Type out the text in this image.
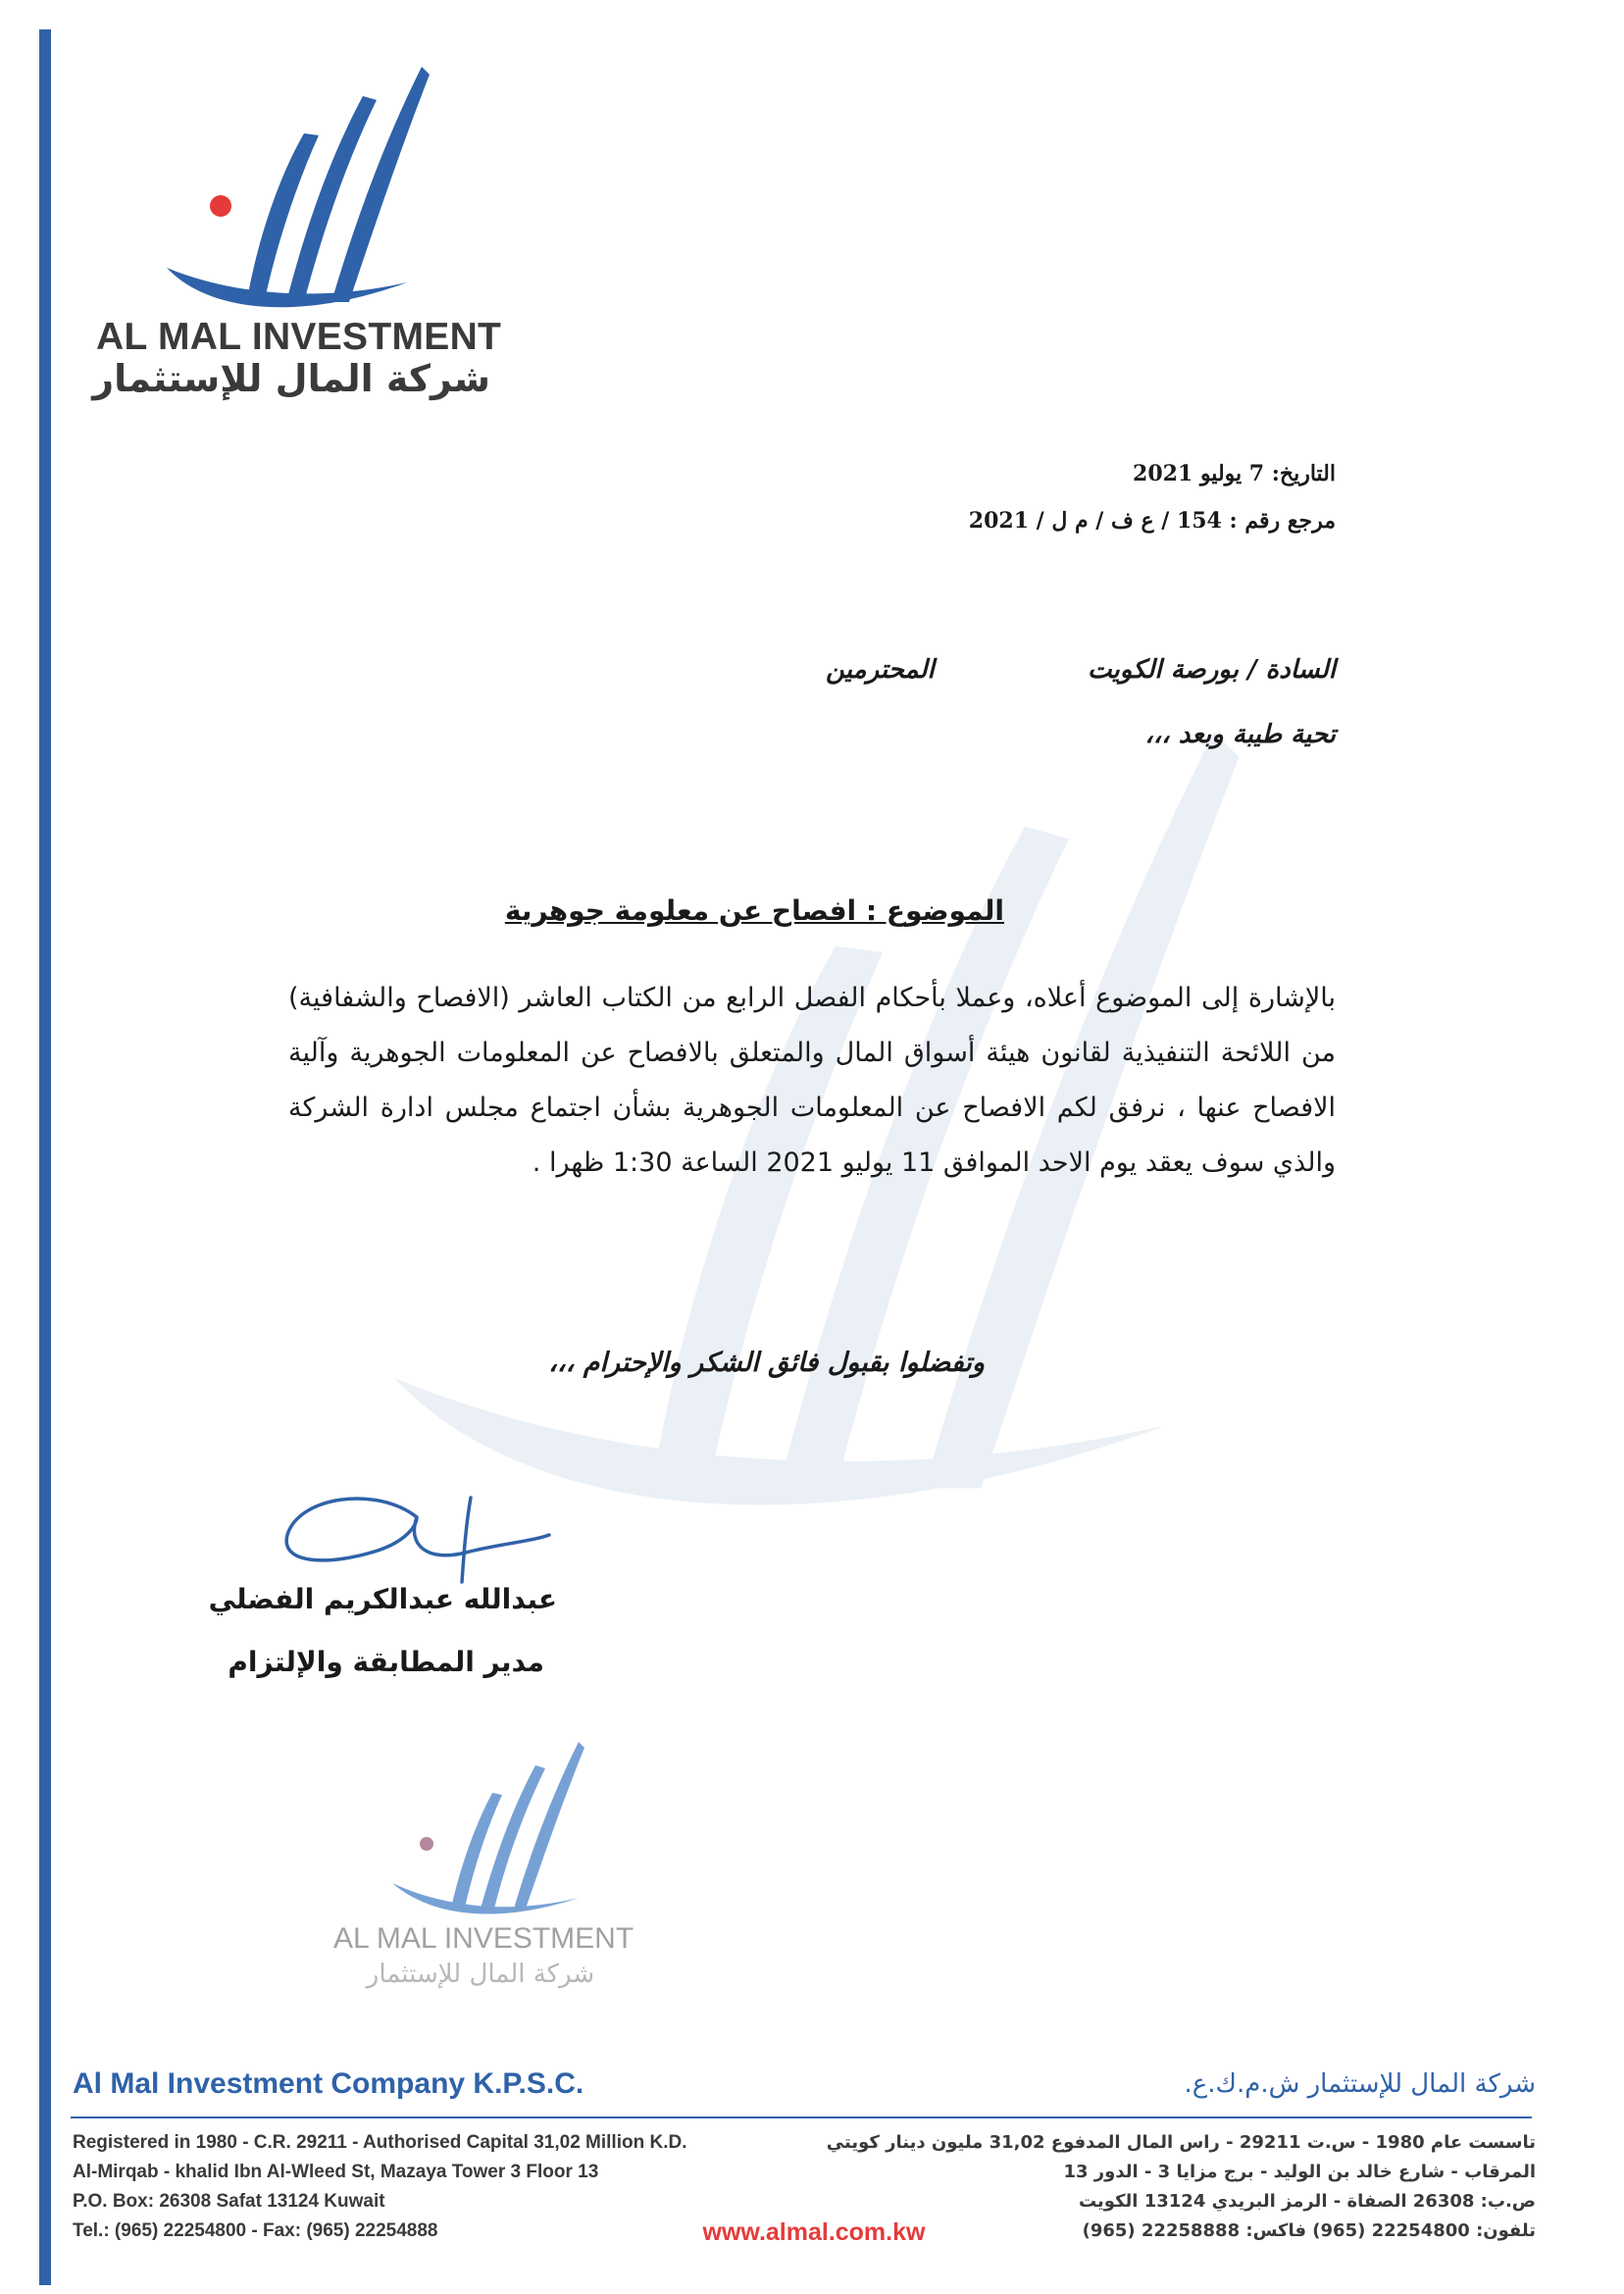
AL MAL INVESTMENT
شركة المال للإستثمار
التاريخ: 7 يوليو 2021
مرجع رقم : 154 / ع ف / م ل / 2021
السادة / بورصة الكويت
المحترمين
تحية طيبة وبعد ،،،
الموضوع : افصاح عن معلومة جوهرية

بالإشارة إلى الموضوع أعلاه، وعملا بأحكام الفصل الرابع من الكتاب العاشر (الافصاح والشفافية)

من اللائحة التنفيذية لقانون هيئة أسواق المال والمتعلق بالافصاح عن المعلومات الجوهرية وآلية

الافصاح عنها ، نرفق لكم الافصاح عن المعلومات الجوهرية بشأن اجتماع مجلس ادارة الشركة

والذي سوف يعقد يوم الاحد الموافق 11 يوليو 2021 الساعة 1:30 ظهرا .

وتفضلوا بقبول فائق الشكر والإحترام ،،،
عبدالله عبدالكريم الفضلي
مدير المطابقة والإلتزام
AL MAL INVESTMENT
شركة المال للإستثمار
Al Mal Investment Company K.P.S.C.	شركة المال للإستثمار ش.م.ك.ع.
Registered in 1980 - C.R. 29211 - Authorised Capital 31,02 Million K.D.
Al-Mirqab - khalid Ibn Al-Wleed St, Mazaya Tower 3 Floor 13
P.O. Box: 26308 Safat 13124 Kuwait
Tel.: (965) 22254800 - Fax: (965) 22254888
تاسست عام 1980 - س.ت 29211 - راس المال المدفوع 31,02 مليون دينار كويتي
المرقاب - شارع خالد بن الوليد - برج مزايا 3 - الدور 13
ص.ب: 26308 الصفاة - الرمز البريدي 13124 الكويت
تلفون: 22254800 (965) فاكس: 22258888 (965)
www.almal.com.kw
